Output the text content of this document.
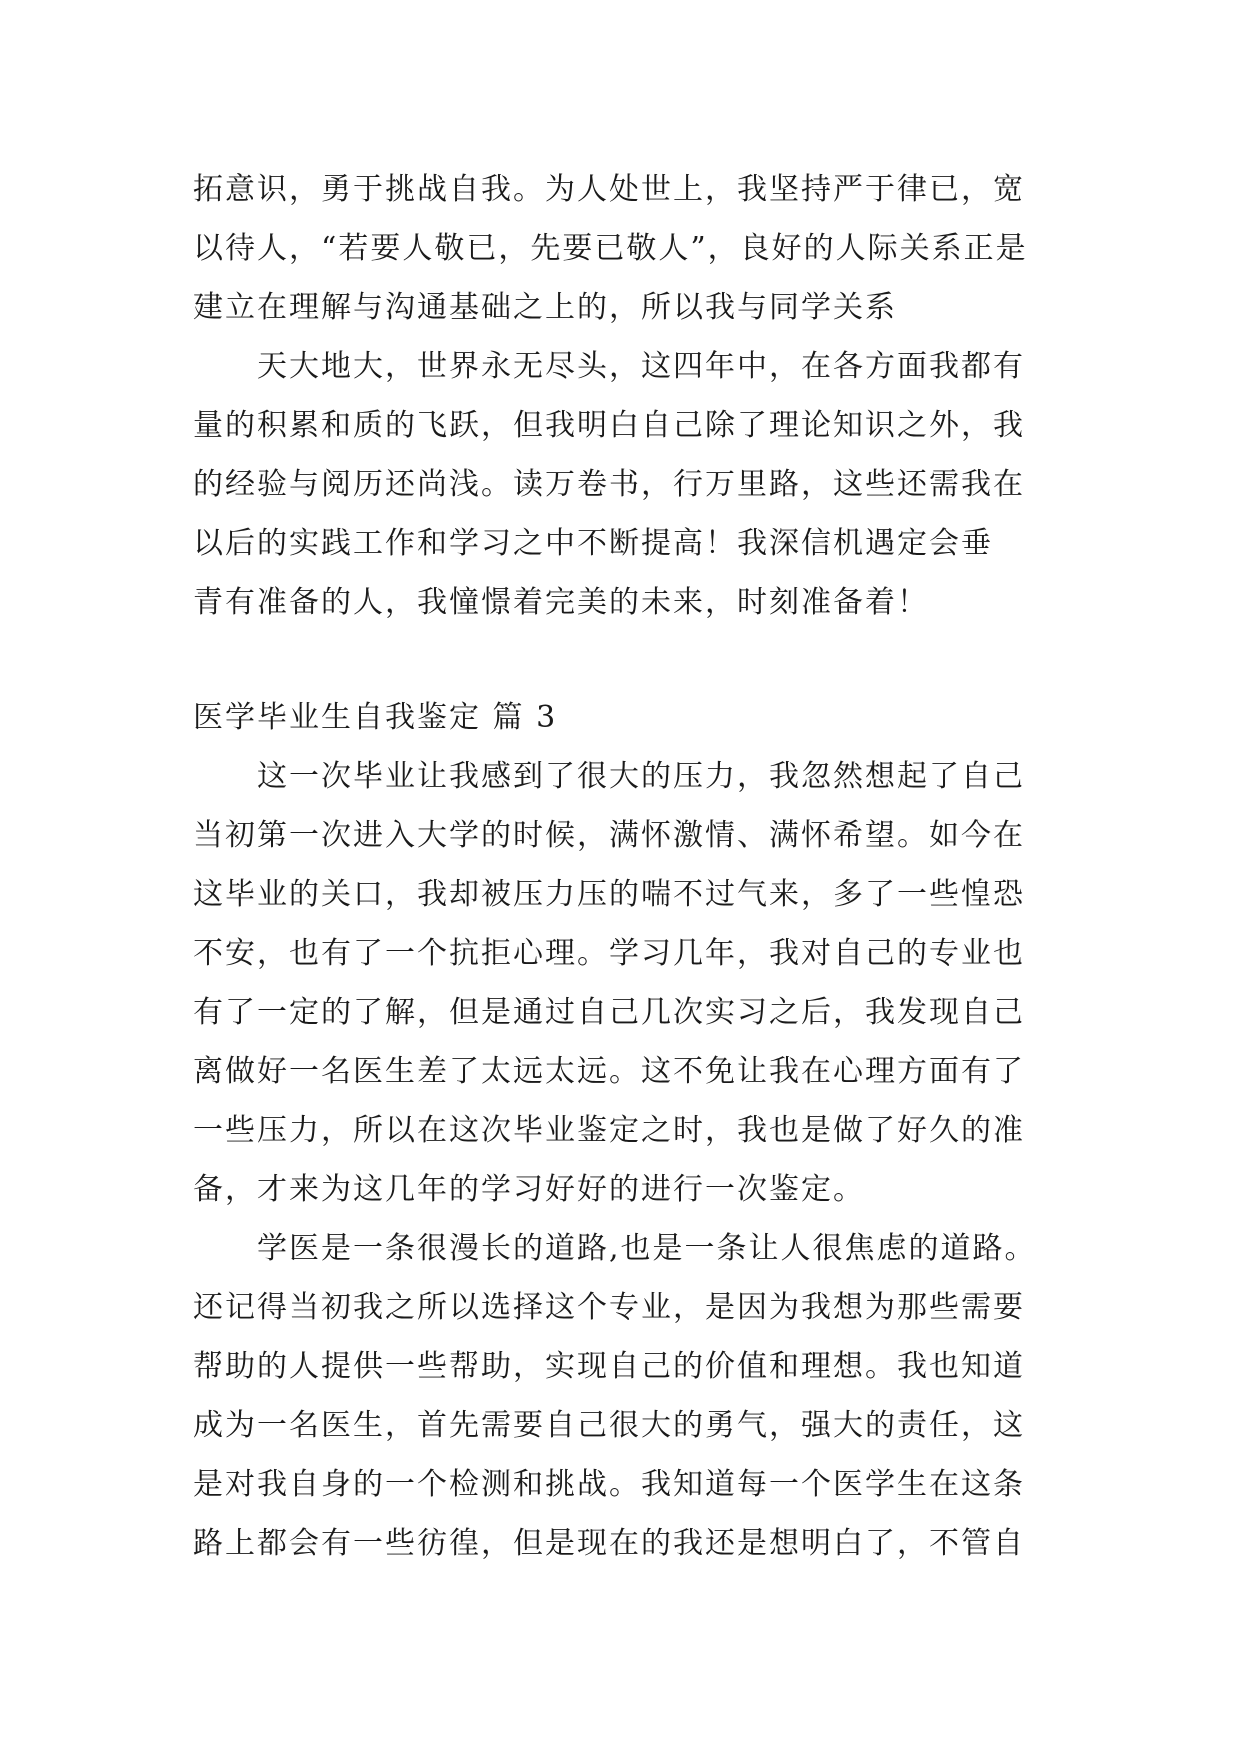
拓意识，勇于挑战自我。为人处世上，我坚持严于律已，宽
以待人，“若要人敬已，先要已敬人”，良好的人际关系正是
建立在理解与沟通基础之上的，所以我与同学关系
天大地大，世界永无尽头，这四年中，在各方面我都有
量的积累和质的飞跃，但我明白自己除了理论知识之外，我
的经验与阅历还尚浅。读万卷书，行万里路，这些还需我在
以后的实践工作和学习之中不断提高！我深信机遇定会垂
青有准备的人，我憧憬着完美的未来，时刻准备着！
医学毕业生自我鉴定 篇 3
这一次毕业让我感到了很大的压力，我忽然想起了自己
当初第一次进入大学的时候，满怀激情、满怀希望。如今在
这毕业的关口，我却被压力压的喘不过气来，多了一些惶恐
不安，也有了一个抗拒心理。学习几年，我对自己的专业也
有了一定的了解，但是通过自己几次实习之后，我发现自己
离做好一名医生差了太远太远。这不免让我在心理方面有了
一些压力，所以在这次毕业鉴定之时，我也是做了好久的准
备，才来为这几年的学习好好的进行一次鉴定。
学医是一条很漫长的道路,也是一条让人很焦虑的道路。
还记得当初我之所以选择这个专业，是因为我想为那些需要
帮助的人提供一些帮助，实现自己的价值和理想。我也知道
成为一名医生，首先需要自己很大的勇气，强大的责任，这
是对我自身的一个检测和挑战。我知道每一个医学生在这条
路上都会有一些彷徨，但是现在的我还是想明白了，不管自
